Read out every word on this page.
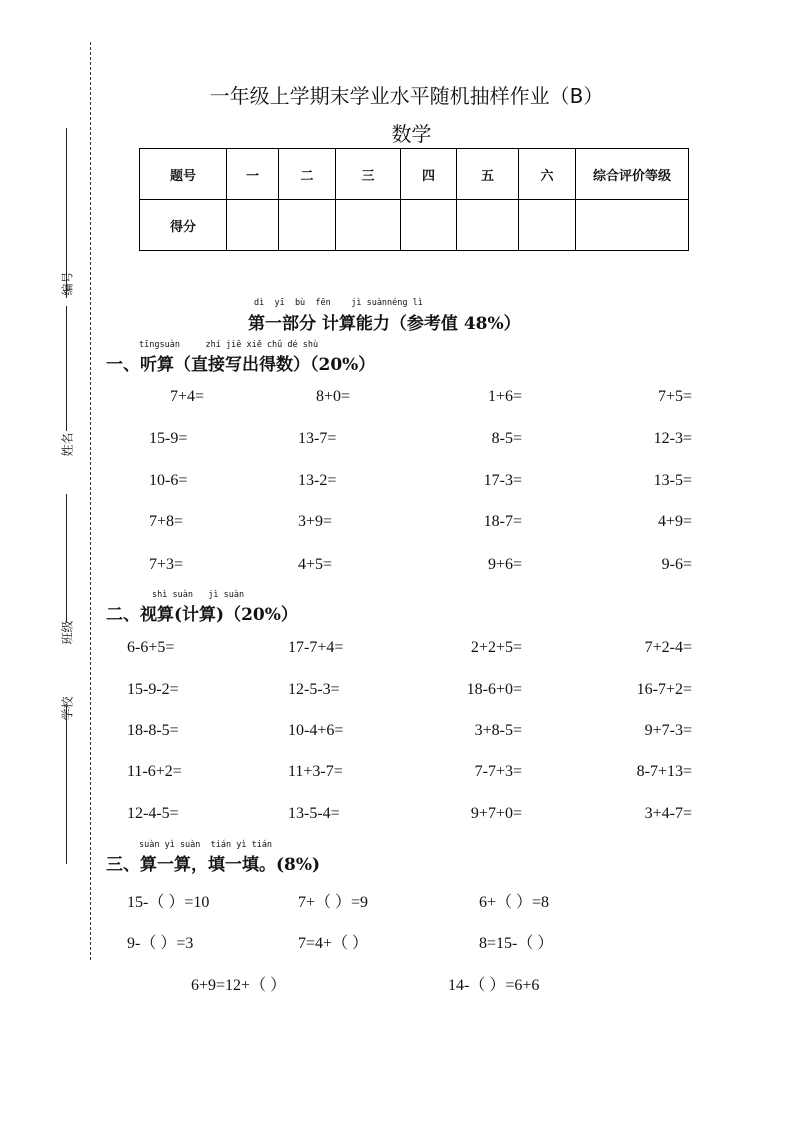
编号
姓名
班级
学校
一年级上学期末学业水平随机抽样作业（B）
数学
题号	一	二	三	四	五	六	综合评价等级
得分							
dì  yī  bù  fēn    jì suànnéng lì
第一部分 计算能力（参考值 48%）
tīngsuàn     zhí jiē xiě chū dé shù
一、听算（直接写出得数）（20%）
7+4=	8+0=	1+6=	7+5=
15-9=	13-7=	8-5=	12-3=
10-6=	13-2=	17-3=	13-5=
7+8=	3+9=	18-7=	4+9=
7+3=	4+5=	9+6=	9-6=
shì suàn   jì suàn
二、视算(计算)（20%）
6-6+5=	17-7+4=	2+2+5=	7+2-4=
15-9-2=	12-5-3=	18-6+0=	16-7+2=
18-8-5=	10-4+6=	3+8-5=	9+7-3=
11-6+2=	11+3-7=	7-7+3=	8-7+13=
12-4-5=	13-5-4=	9+7+0=	3+4-7=
suàn yì suàn  tián yì tián
三、算一算，填一填。(8%)
15-（ ）=10	7+（ ）=9	6+（ ）=8
9-（ ）=3	7=4+（ ）	8=15-（ ）
6+9=12+（ ）	14-（ ）=6+6
